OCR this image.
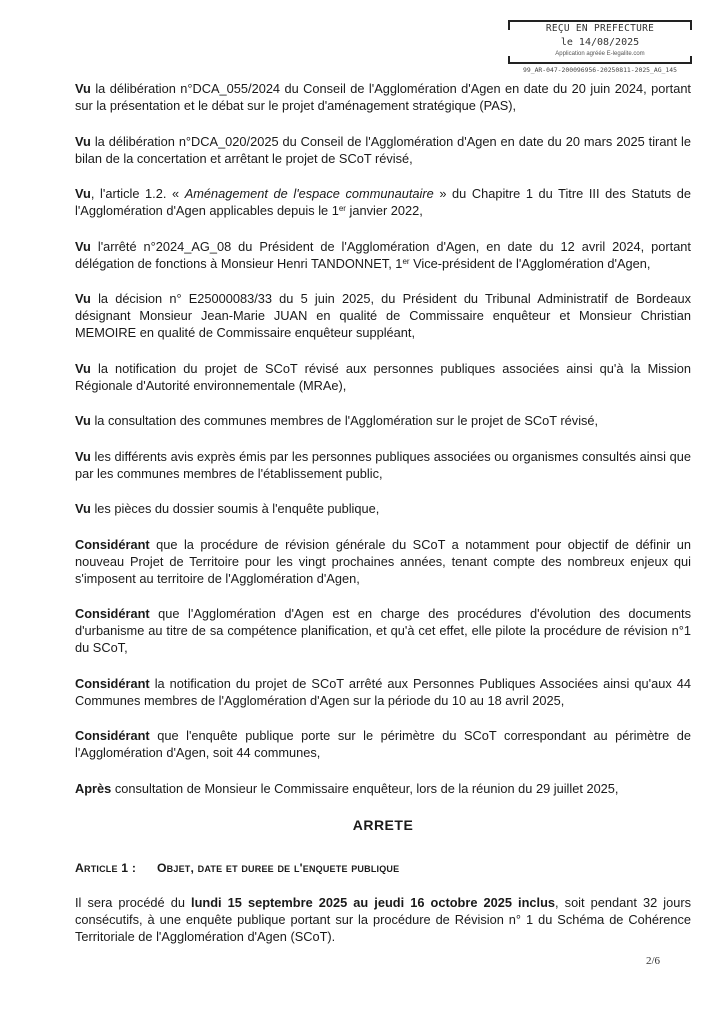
REÇU EN PREFECTURE
le 14/08/2025
Application agréée E-legalite.com
99_AR-047-200096956-20250811-2025_AG_145

Vu la délibération n°DCA_055/2024 du Conseil de l'Agglomération d'Agen en date du 20 juin 2024, portant sur la présentation et le débat sur le projet d'aménagement stratégique (PAS),

Vu la délibération n°DCA_020/2025 du Conseil de l'Agglomération d'Agen en date du 20 mars 2025 tirant le bilan de la concertation et arrêtant le projet de SCoT révisé,

Vu, l'article 1.2. « Aménagement de l'espace communautaire » du Chapitre 1 du Titre III des Statuts de l'Agglomération d'Agen applicables depuis le 1er janvier 2022,

Vu l'arrêté n°2024_AG_08 du Président de l'Agglomération d'Agen, en date du 12 avril 2024, portant délégation de fonctions à Monsieur Henri TANDONNET, 1er Vice-président de l'Agglomération d'Agen,

Vu la décision n° E25000083/33 du 5 juin 2025, du Président du Tribunal Administratif de Bordeaux désignant Monsieur Jean-Marie JUAN en qualité de Commissaire enquêteur et Monsieur Christian MEMOIRE en qualité de Commissaire enquêteur suppléant,

Vu la notification du projet de SCoT révisé aux personnes publiques associées ainsi qu'à la Mission Régionale d'Autorité environnementale (MRAe),

Vu la consultation des communes membres de l'Agglomération sur le projet de SCoT révisé,

Vu les différents avis exprès émis par les personnes publiques associées ou organismes consultés ainsi que par les communes membres de l'établissement public,

Vu les pièces du dossier soumis à l'enquête publique,

Considérant que la procédure de révision générale du SCoT a notamment pour objectif de définir un nouveau Projet de Territoire pour les vingt prochaines années, tenant compte des nombreux enjeux qui s'imposent au territoire de l'Agglomération d'Agen,

Considérant que l'Agglomération d'Agen est en charge des procédures d'évolution des documents d'urbanisme au titre de sa compétence planification, et qu'à cet effet, elle pilote la procédure de révision n°1 du SCoT,

Considérant la notification du projet de SCoT arrêté aux Personnes Publiques Associées ainsi qu'aux 44 Communes membres de l'Agglomération d'Agen sur la période du 10 au 18 avril 2025,

Considérant que l'enquête publique porte sur le périmètre du SCoT correspondant au périmètre de l'Agglomération d'Agen, soit 44 communes,

Après consultation de Monsieur le Commissaire enquêteur, lors de la réunion du 29 juillet 2025,

ARRETE
Article 1 : Objet, date et duree de l'enquete publique

Il sera procédé du lundi 15 septembre 2025 au jeudi 16 octobre 2025 inclus, soit pendant 32 jours consécutifs, à une enquête publique portant sur la procédure de Révision n° 1 du Schéma de Cohérence Territoriale de l'Agglomération d'Agen (SCoT).

2/6
